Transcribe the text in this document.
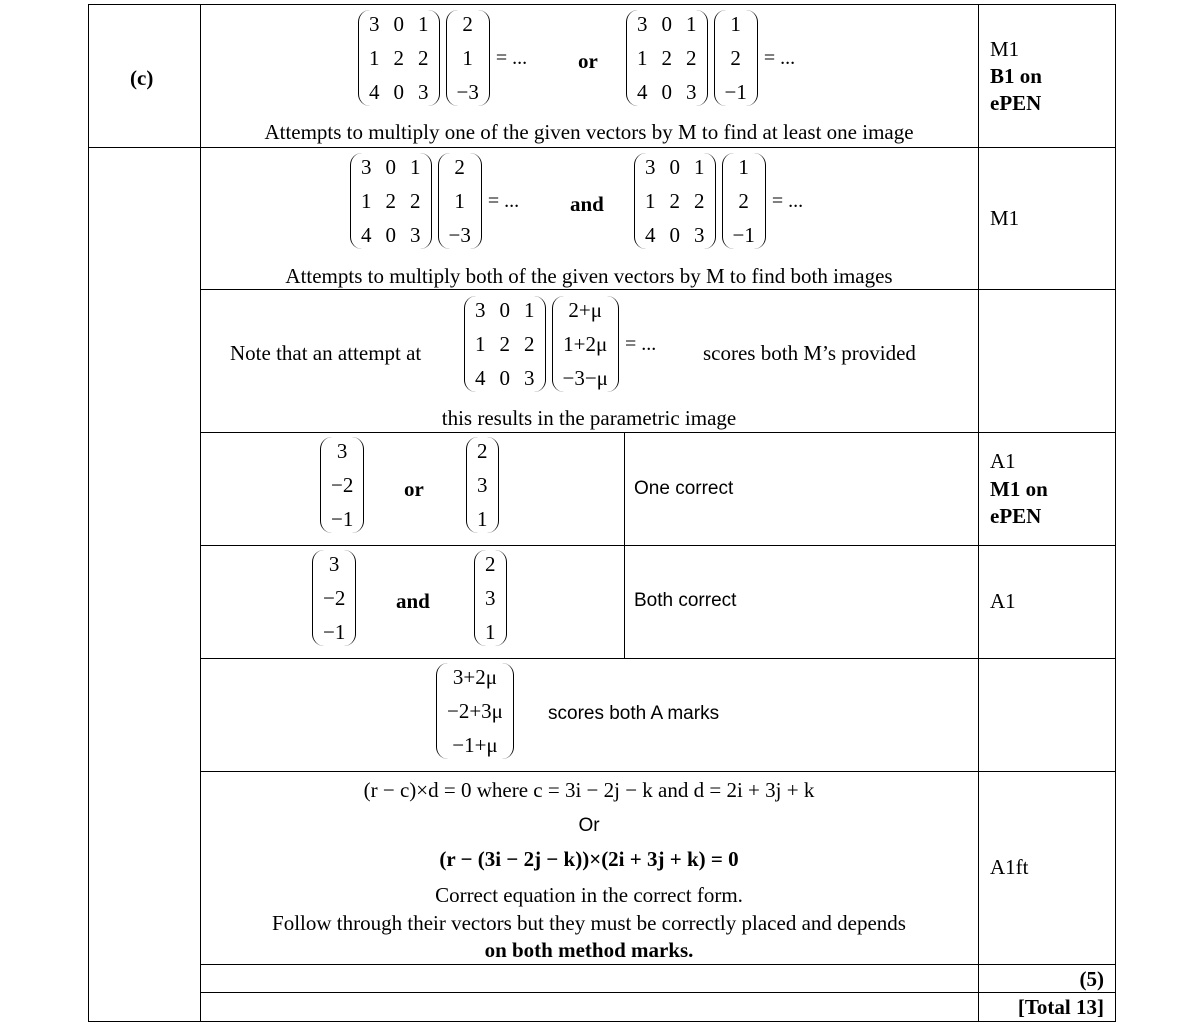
(c)
3 0 1
1 2 2
4 0 3
2
1
−3
= ... or
3 0 1
1 2 2
4 0 3
1
2
−1
= ...
Attempts to multiply one of the given vectors by M to find at least one image
M1
B1 on
ePEN
3 0 1
1 2 2
4 0 3
2
1
−3
= ... and
3 0 1
1 2 2
4 0 3
1
2
−1
= ...
Attempts to multiply both of the given vectors by M to find both images
M1
Note that an attempt at
3 0 1
1 2 2
4 0 3
2+μ
1+2μ
−3−μ
= ... scores both M’s provided
this results in the parametric image
3
−2
−1
or
2
3
1
One correct
A1
M1 on
ePEN
3
−2
−1
and
2
3
1
Both correct	A1
3+2μ
−2+3μ
−1+μ
scores both A marks
(r − c)×d = 0 where c = 3i − 2j − k and d = 2i + 3j + k
Or
(r − (3i − 2j − k))×(2i + 3j + k) = 0
Correct equation in the correct form.
Follow through their vectors but they must be correctly placed and depends
on both method marks.
A1ft
(5)
[Total 13]
